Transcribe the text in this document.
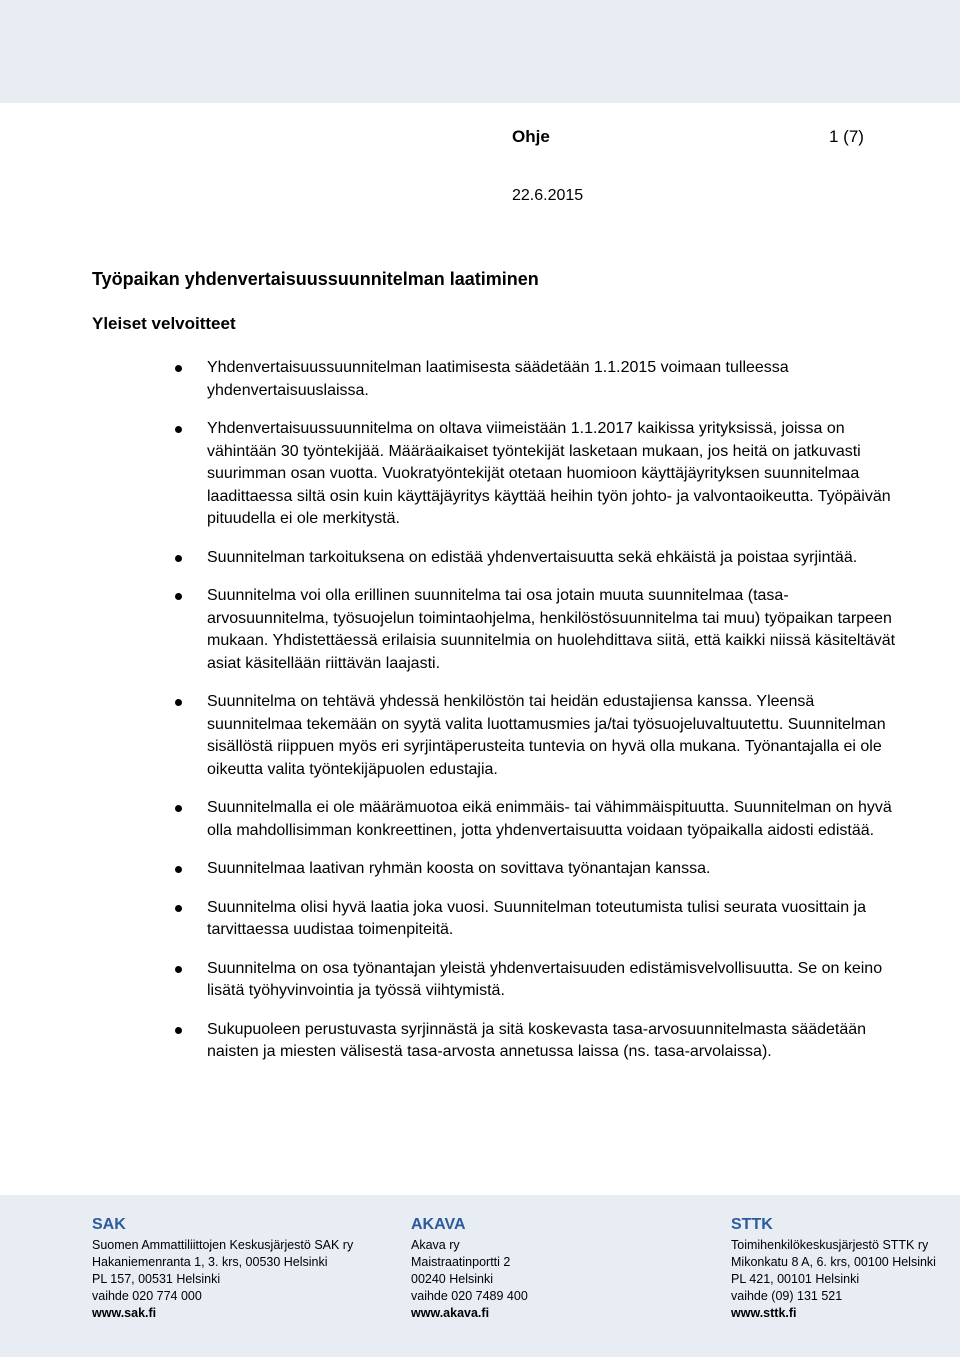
Ohje	1 (7)
22.6.2015
Työpaikan yhdenvertaisuussuunnitelman laatiminen
Yleiset velvoitteet

Yhdenvertaisuussuunnitelman laatimisesta säädetään 1.1.2015 voimaan tulleessa yhdenvertaisuuslaissa.

Yhdenvertaisuussuunnitelma on oltava viimeistään 1.1.2017 kaikissa yrityksissä, joissa on vähintään 30 työntekijää. Määräaikaiset työntekijät lasketaan mukaan, jos heitä on jatkuvasti suurimman osan vuotta. Vuokratyöntekijät otetaan huomioon käyttäjäyrityksen suunnitelmaa laadittaessa siltä osin kuin käyttäjäyritys käyttää heihin työn johto- ja valvontaoikeutta. Työpäivän pituudella ei ole merkitystä.

Suunnitelman tarkoituksena on edistää yhdenvertaisuutta sekä ehkäistä ja poistaa syrjintää.

Suunnitelma voi olla erillinen suunnitelma tai osa jotain muuta suunnitelmaa (tasa-arvosuunnitelma, työsuojelun toimintaohjelma, henkilöstösuunnitelma tai muu) työpaikan tarpeen mukaan. Yhdistettäessä erilaisia suunnitelmia on huolehdittava siitä, että kaikki niissä käsiteltävät asiat käsitellään riittävän laajasti.

Suunnitelma on tehtävä yhdessä henkilöstön tai heidän edustajiensa kanssa. Yleensä suunnitelmaa tekemään on syytä valita luottamusmies ja/tai työsuojeluvaltuutettu. Suunnitelman sisällöstä riippuen myös eri syrjintäperusteita tuntevia on hyvä olla mukana. Työnantajalla ei ole oikeutta valita työntekijäpuolen edustajia.

Suunnitelmalla ei ole määrämuotoa eikä enimmäis- tai vähimmäispituutta. Suunnitelman on hyvä olla mahdollisimman konkreettinen, jotta yhdenvertaisuutta voidaan työpaikalla aidosti edistää.

Suunnitelmaa laativan ryhmän koosta on sovittava työnantajan kanssa.

Suunnitelma olisi hyvä laatia joka vuosi. Suunnitelman toteutumista tulisi seurata vuosittain ja tarvittaessa uudistaa toimenpiteitä.

Suunnitelma on osa työnantajan yleistä yhdenvertaisuuden edistämisvelvollisuutta. Se on keino lisätä työhyvinvointia ja työssä viihtymistä.

Sukupuoleen perustuvasta syrjinnästä ja sitä koskevasta tasa-arvosuunnitelmasta säädetään naisten ja miesten välisestä tasa-arvosta annetussa laissa (ns. tasa-arvolaissa).

SAK
Suomen Ammattiliittojen Keskusjärjestö SAK ry
Hakaniemenranta 1, 3. krs, 00530 Helsinki
PL 157, 00531 Helsinki
vaihde 020 774 000
www.sak.fi
AKAVA
Akava ry
Maistraatinportti 2
00240 Helsinki
vaihde 020 7489 400
www.akava.fi
STTK
Toimihenkilökeskusjärjestö STTK ry
Mikonkatu 8 A, 6. krs, 00100 Helsinki
PL 421, 00101 Helsinki
vaihde (09) 131 521
www.sttk.fi
